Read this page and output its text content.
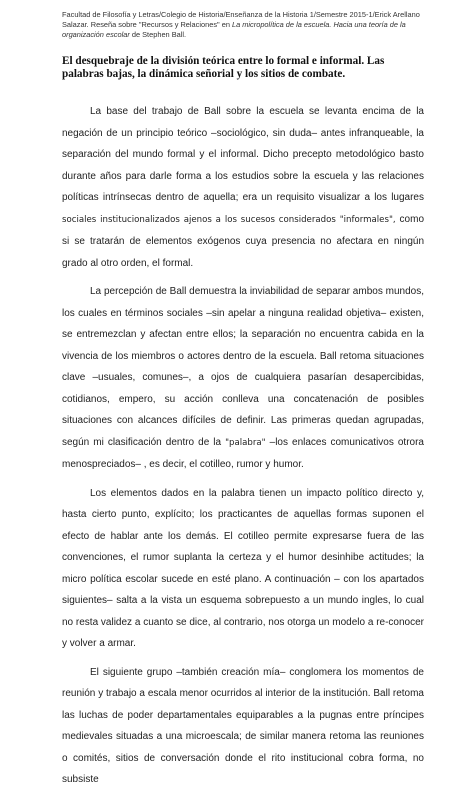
Facultad de Filosofía y Letras/Colegio de Historia/Enseñanza de la Historia 1/Semestre 2015-1/Erick Arellano Salazar. Reseña sobre "Recursos y Relaciones" en La micropolítica de la escuela. Hacia una teoría de la organización escolar de Stephen Ball.
El desquebraje de la división teórica entre lo formal e informal. Las palabras bajas, la dinámica señorial y los sitios de combate.

La base del trabajo de Ball sobre la escuela se levanta encima de la negación de un principio teórico –sociológico, sin duda– antes infranqueable, la separación del mundo formal y el informal. Dicho precepto metodológico basto durante años para darle forma a los estudios sobre la escuela y las relaciones políticas intrínsecas dentro de aquella; era un requisito visualizar a los lugares sociales institucionalizados ajenos a los sucesos considerados "informales", como si se tratarán de elementos exógenos cuya presencia no afectara en ningún grado al otro orden, el formal.

La percepción de Ball demuestra la inviabilidad de separar ambos mundos, los cuales en términos sociales –sin apelar a ninguna realidad objetiva– existen, se entremezclan y afectan entre ellos; la separación no encuentra cabida en la vivencia de los miembros o actores dentro de la escuela. Ball retoma situaciones clave –usuales, comunes–, a ojos de cualquiera pasarían desapercibidas, cotidianos, empero, su acción conlleva una concatenación de posibles situaciones con alcances difíciles de definir. Las primeras quedan agrupadas, según mi clasificación dentro de la "palabra" –los enlaces comunicativos otrora menospreciados– , es decir, el cotilleo, rumor y humor.

Los elementos dados en la palabra tienen un impacto político directo y, hasta cierto punto, explícito; los practicantes de aquellas formas suponen el efecto de hablar ante los demás. El cotilleo permite expresarse fuera de las convenciones, el rumor suplanta la certeza y el humor desinhibe actitudes; la micro política escolar sucede en esté plano. A continuación – con los apartados siguientes– salta a la vista un esquema sobrepuesto a un mundo ingles, lo cual no resta validez a cuanto se dice, al contrario, nos otorga un modelo a re-conocer y volver a armar.

El siguiente grupo –también creación mía– conglomera los momentos de reunión y trabajo a escala menor ocurridos al interior de la institución. Ball retoma las luchas de poder departamentales equiparables a la pugnas entre príncipes medievales situadas a una microescala; de similar manera retoma las reuniones o comités, sitios de conversación donde el rito institucional cobra forma, no subsiste
